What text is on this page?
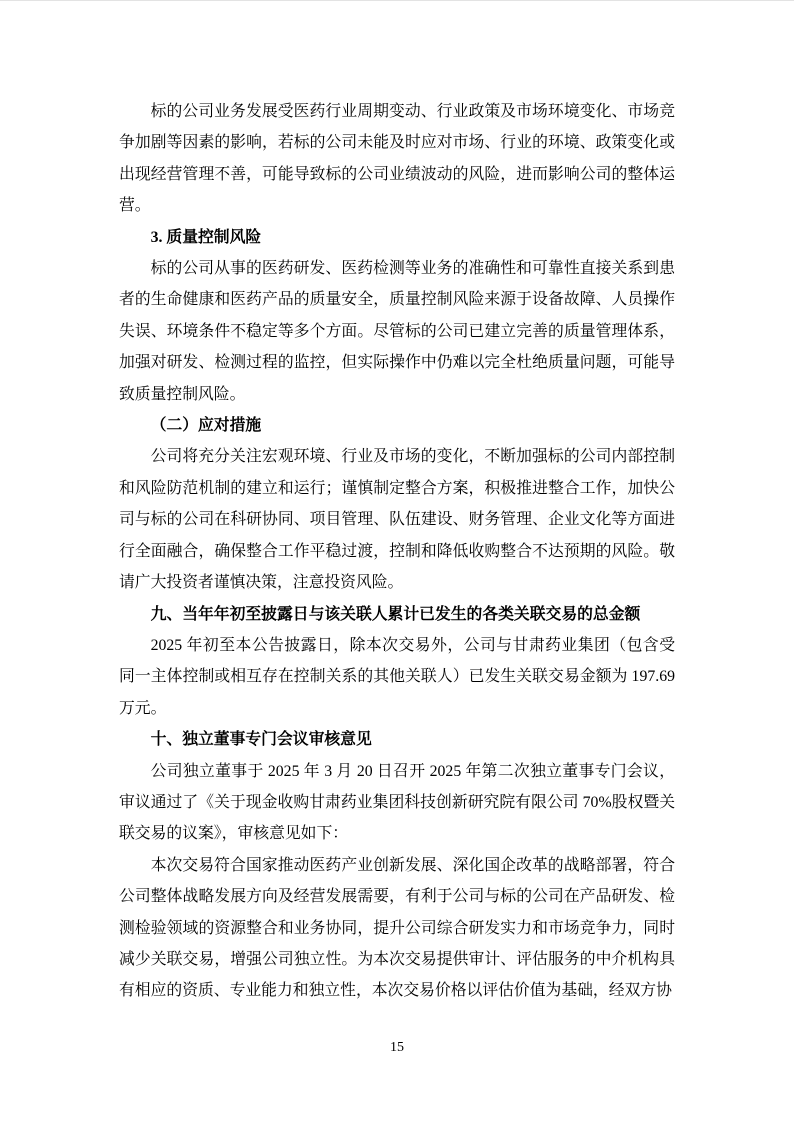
标的公司业务发展受医药行业周期变动、行业政策及市场环境变化、市场竞争加剧等因素的影响，若标的公司未能及时应对市场、行业的环境、政策变化或出现经营管理不善，可能导致标的公司业绩波动的风险，进而影响公司的整体运营。

3. 质量控制风险

标的公司从事的医药研发、医药检测等业务的准确性和可靠性直接关系到患者的生命健康和医药产品的质量安全，质量控制风险来源于设备故障、人员操作失误、环境条件不稳定等多个方面。尽管标的公司已建立完善的质量管理体系，加强对研发、检测过程的监控，但实际操作中仍难以完全杜绝质量问题，可能导致质量控制风险。

（二）应对措施

公司将充分关注宏观环境、行业及市场的变化，不断加强标的公司内部控制和风险防范机制的建立和运行；谨慎制定整合方案，积极推进整合工作，加快公司与标的公司在科研协同、项目管理、队伍建设、财务管理、企业文化等方面进行全面融合，确保整合工作平稳过渡，控制和降低收购整合不达预期的风险。敬请广大投资者谨慎决策，注意投资风险。

九、当年年初至披露日与该关联人累计已发生的各类关联交易的总金额

2025 年初至本公告披露日，除本次交易外，公司与甘肃药业集团（包含受同一主体控制或相互存在控制关系的其他关联人）已发生关联交易金额为 197.69 万元。

十、独立董事专门会议审核意见

公司独立董事于 2025 年 3 月 20 日召开 2025 年第二次独立董事专门会议，审议通过了《关于现金收购甘肃药业集团科技创新研究院有限公司 70%股权暨关联交易的议案》，审核意见如下：

本次交易符合国家推动医药产业创新发展、深化国企改革的战略部署，符合公司整体战略发展方向及经营发展需要，有利于公司与标的公司在产品研发、检测检验领域的资源整合和业务协同，提升公司综合研发实力和市场竞争力，同时减少关联交易，增强公司独立性。为本次交易提供审计、评估服务的中介机构具有相应的资质、专业能力和独立性，本次交易价格以评估价值为基础，经双方协

15
